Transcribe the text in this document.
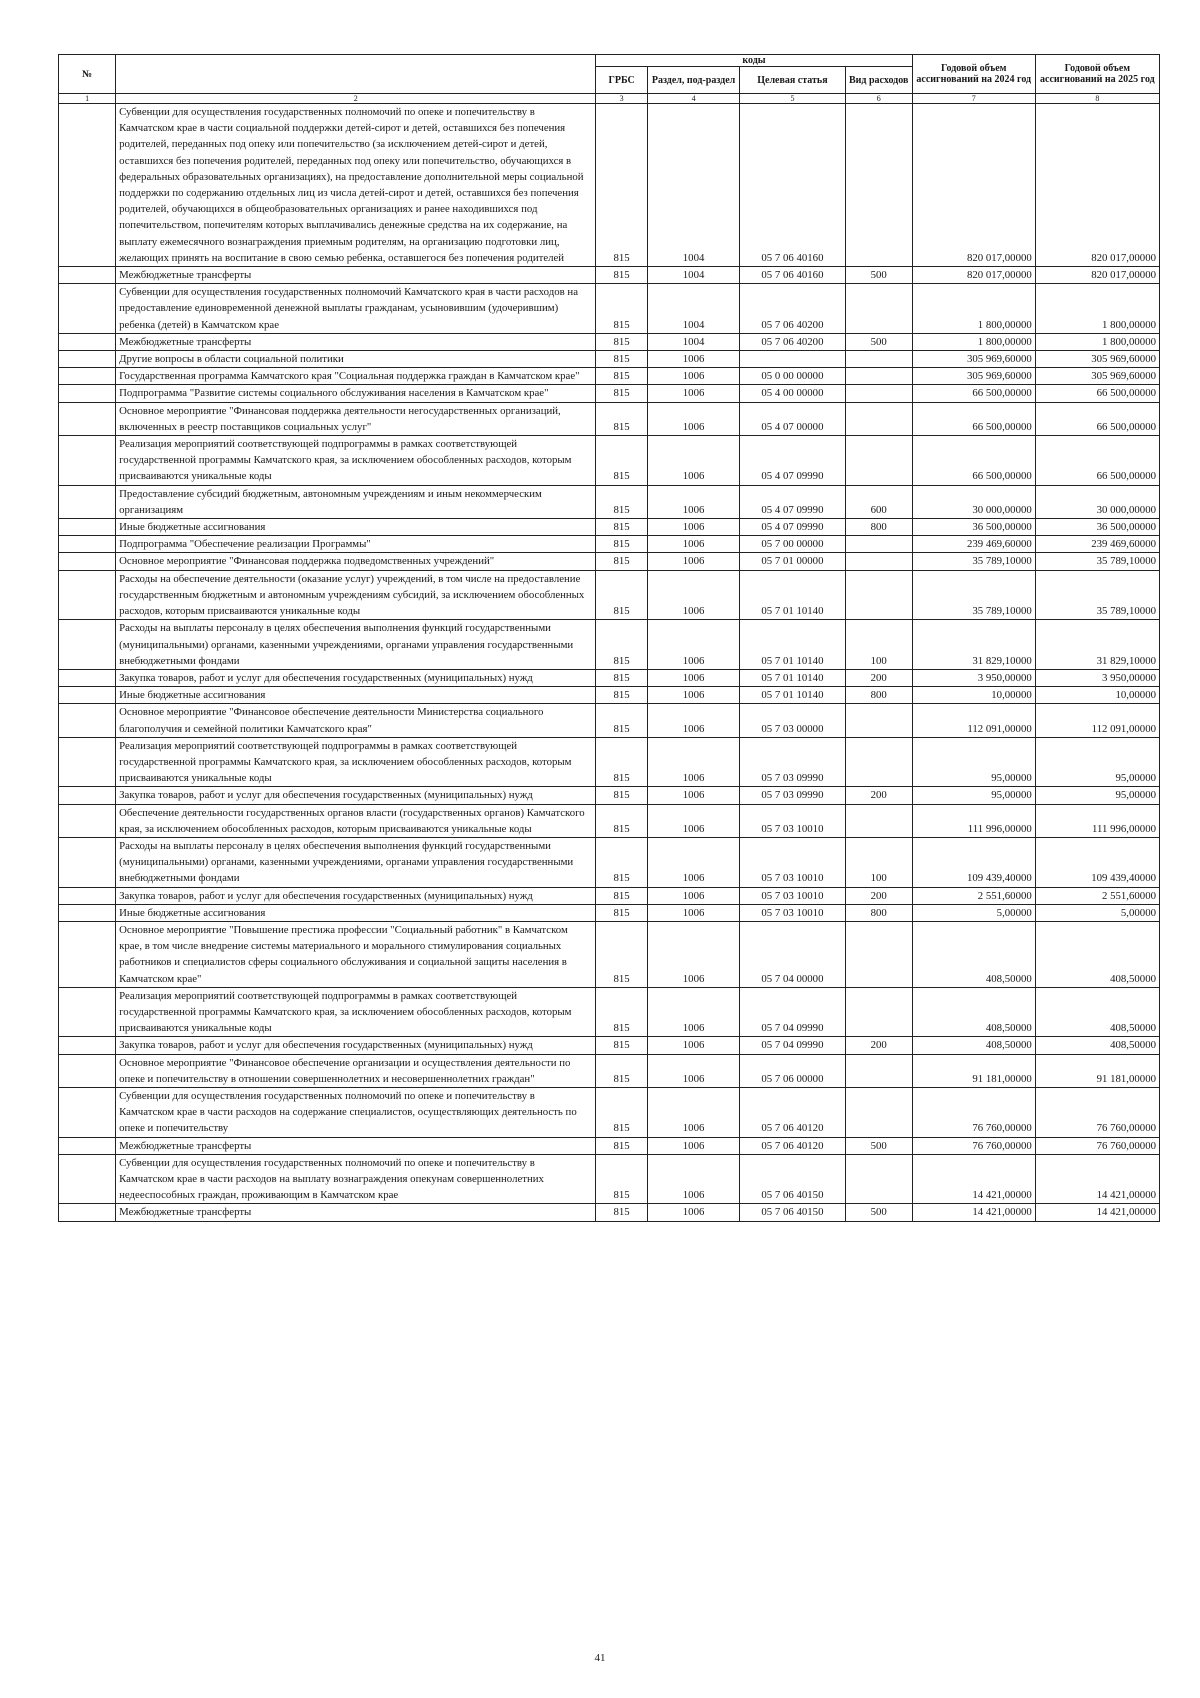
№		коды				Годовой объем ассигнований на 2024 год	Годовой объем ассигнований на 2025 год
		ГРБС	Раздел, под-раздел	Целевая статья	Вид расходов		
1	2	3	4	5	6	7	8
	Субвенции для осуществления государственных полномочий по опеке и попечительству в Камчатском крае в части социальной поддержки детей-сирот и детей, оставшихся без попечения родителей, переданных под опеку или попечительство (за исключением детей-сирот и детей, оставшихся без попечения родителей, переданных под опеку или попечительство, обучающихся в федеральных образовательных организациях), на предоставление дополнительной меры социальной поддержки по содержанию отдельных лиц из числа детей-сирот и детей, оставшихся без попечения родителей, обучающихся в общеобразовательных организациях и ранее находившихся под попечительством, попечителям которых выплачивались денежные средства на их содержание, на выплату ежемесячного вознаграждения приемным родителям, на организацию подготовки лиц, желающих принять на воспитание в свою семью ребенка, оставшегося без попечения родителей	815	1004	05 7 06 40160		820 017,00000	820 017,00000
	Межбюджетные трансферты	815	1004	05 7 06 40160	500	820 017,00000	820 017,00000
	Субвенции для осуществления государственных полномочий Камчатского края в части расходов на предоставление единовременной денежной выплаты гражданам, усыновившим (удочерившим) ребенка (детей) в Камчатском крае	815	1004	05 7 06 40200		1 800,00000	1 800,00000
	Межбюджетные трансферты	815	1004	05 7 06 40200	500	1 800,00000	1 800,00000
	Другие вопросы в области социальной политики	815	1006			305 969,60000	305 969,60000
	Государственная программа Камчатского края "Социальная поддержка граждан в Камчатском крае"	815	1006	05 0 00 00000		305 969,60000	305 969,60000
	Подпрограмма "Развитие системы социального обслуживания населения в Камчатском крае"	815	1006	05 4 00 00000		66 500,00000	66 500,00000
	Основное мероприятие "Финансовая поддержка деятельности негосударственных организаций, включенных в реестр поставщиков социальных услуг"	815	1006	05 4 07 00000		66 500,00000	66 500,00000
	Реализация мероприятий соответствующей подпрограммы в рамках соответствующей государственной программы Камчатского края, за исключением обособленных расходов, которым присваиваются уникальные коды	815	1006	05 4 07 09990		66 500,00000	66 500,00000
	Предоставление субсидий бюджетным, автономным учреждениям и иным некоммерческим организациям	815	1006	05 4 07 09990	600	30 000,00000	30 000,00000
	Иные бюджетные ассигнования	815	1006	05 4 07 09990	800	36 500,00000	36 500,00000
	Подпрограмма "Обеспечение реализации Программы"	815	1006	05 7 00 00000		239 469,60000	239 469,60000
	Основное мероприятие "Финансовая поддержка подведомственных учреждений"	815	1006	05 7 01 00000		35 789,10000	35 789,10000
	Расходы на обеспечение деятельности (оказание услуг) учреждений, в том числе на предоставление государственным бюджетным и автономным учреждениям субсидий, за исключением обособленных расходов, которым присваиваются уникальные коды	815	1006	05 7 01 10140		35 789,10000	35 789,10000
	Расходы на выплаты персоналу в целях обеспечения выполнения функций государственными (муниципальными) органами, казенными учреждениями, органами управления государственными внебюджетными фондами	815	1006	05 7 01 10140	100	31 829,10000	31 829,10000
	Закупка товаров, работ и услуг для обеспечения государственных (муниципальных) нужд	815	1006	05 7 01 10140	200	3 950,00000	3 950,00000
	Иные бюджетные ассигнования	815	1006	05 7 01 10140	800	10,00000	10,00000
	Основное мероприятие "Финансовое обеспечение деятельности Министерства социального благополучия и семейной политики Камчатского края"	815	1006	05 7 03 00000		112 091,00000	112 091,00000
	Реализация мероприятий соответствующей подпрограммы в рамках соответствующей государственной программы Камчатского края, за исключением обособленных расходов, которым присваиваются уникальные коды	815	1006	05 7 03 09990		95,00000	95,00000
	Закупка товаров, работ и услуг для обеспечения государственных (муниципальных) нужд	815	1006	05 7 03 09990	200	95,00000	95,00000
	Обеспечение деятельности государственных органов власти (государственных органов) Камчатского края, за исключением обособленных расходов, которым присваиваются уникальные коды	815	1006	05 7 03 10010		111 996,00000	111 996,00000
	Расходы на выплаты персоналу в целях обеспечения выполнения функций государственными (муниципальными) органами, казенными учреждениями, органами управления государственными внебюджетными фондами	815	1006	05 7 03 10010	100	109 439,40000	109 439,40000
	Закупка товаров, работ и услуг для обеспечения государственных (муниципальных) нужд	815	1006	05 7 03 10010	200	2 551,60000	2 551,60000
	Иные бюджетные ассигнования	815	1006	05 7 03 10010	800	5,00000	5,00000
	Основное мероприятие "Повышение престижа профессии "Социальный работник" в Камчатском крае, в том числе внедрение системы материального и морального стимулирования социальных работников и специалистов сферы социального обслуживания и социальной защиты населения в Камчатском крае"	815	1006	05 7 04 00000		408,50000	408,50000
	Реализация мероприятий соответствующей подпрограммы в рамках соответствующей государственной программы Камчатского края, за исключением обособленных расходов, которым присваиваются уникальные коды	815	1006	05 7 04 09990		408,50000	408,50000
	Закупка товаров, работ и услуг для обеспечения государственных (муниципальных) нужд	815	1006	05 7 04 09990	200	408,50000	408,50000
	Основное мероприятие "Финансовое обеспечение организации и осуществления деятельности по опеке и попечительству в отношении совершеннолетних и несовершеннолетних граждан"	815	1006	05 7 06 00000		91 181,00000	91 181,00000
	Субвенции для осуществления государственных полномочий по опеке и попечительству в Камчатском крае в части расходов на содержание специалистов, осуществляющих деятельность по опеке и попечительству	815	1006	05 7 06 40120		76 760,00000	76 760,00000
	Межбюджетные трансферты	815	1006	05 7 06 40120	500	76 760,00000	76 760,00000
	Субвенции для осуществления государственных полномочий по опеке и попечительству в Камчатском крае в части расходов на выплату вознаграждения опекунам совершеннолетних недееспособных граждан, проживающим в Камчатском крае	815	1006	05 7 06 40150		14 421,00000	14 421,00000
	Межбюджетные трансферты	815	1006	05 7 06 40150	500	14 421,00000	14 421,00000
41
